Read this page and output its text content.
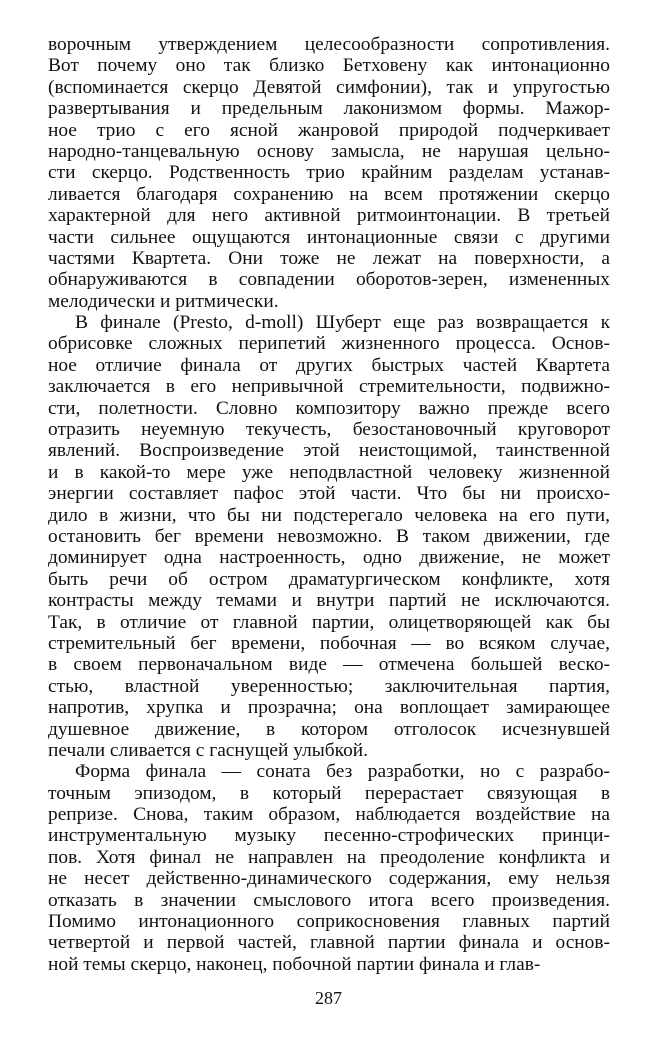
ворочным утверждением целесообразности сопротивления.
Вот почему оно так близко Бетховену как интонационно
(вспоминается скерцо Девятой симфонии), так и упругостью
развертывания и предельным лаконизмом формы. Мажор-
ное трио с его ясной жанровой природой подчеркивает
народно-танцевальную основу замысла, не нарушая цельно-
сти скерцо. Родственность трио крайним разделам устанав-
ливается благодаря сохранению на всем протяжении скерцо
характерной для него активной ритмоинтонации. В третьей
части сильнее ощущаются интонационные связи с другими
частями Квартета. Они тоже не лежат на поверхности, а
обнаруживаются в совпадении оборотов-зерен, измененных
мелодически и ритмически.
В финале (Presto, d-moll) Шуберт еще раз возвращается к
обрисовке сложных перипетий жизненного процесса. Основ-
ное отличие финала от других быстрых частей Квартета
заключается в его непривычной стремительности, подвижно-
сти, полетности. Словно композитору важно прежде всего
отразить неуемную текучесть, безостановочный круговорот
явлений. Воспроизведение этой неистощимой, таинственной
и в какой-то мере уже неподвластной человеку жизненной
энергии составляет пафос этой части. Что бы ни происхо-
дило в жизни, что бы ни подстерегало человека на его пути,
остановить бег времени невозможно. В таком движении, где
доминирует одна настроенность, одно движение, не может
быть речи об остром драматургическом конфликте, хотя
контрасты между темами и внутри партий не исключаются.
Так, в отличие от главной партии, олицетворяющей как бы
стремительный бег времени, побочная — во всяком случае,
в своем первоначальном виде — отмечена большей веско-
стью, властной уверенностью; заключительная партия,
напротив, хрупка и прозрачна; она воплощает замирающее
душевное движение, в котором отголосок исчезнувшей
печали сливается с гаснущей улыбкой.
Форма финала — соната без разработки, но с разрабо-
точным эпизодом, в который перерастает связующая в
репризе. Снова, таким образом, наблюдается воздействие на
инструментальную музыку песенно-строфических принци-
пов. Хотя финал не направлен на преодоление конфликта и
не несет действенно-динамического содержания, ему нельзя
отказать в значении смыслового итога всего произведения.
Помимо интонационного соприкосновения главных партий
четвертой и первой частей, главной партии финала и основ-
ной темы скерцо, наконец, побочной партии финала и глав-
287
